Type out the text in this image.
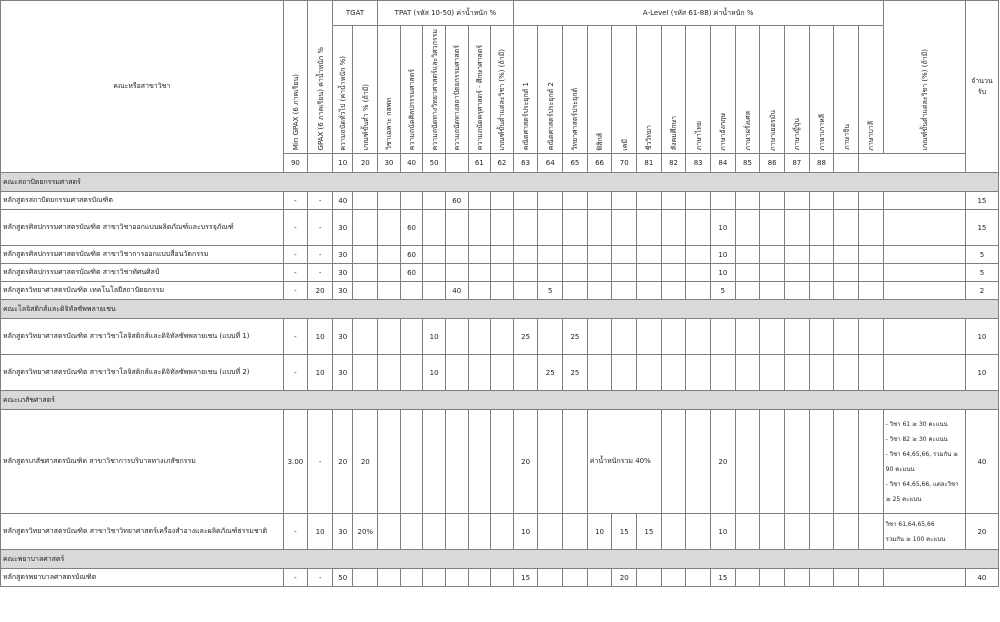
คณะหรือสาขาวิชา	Min GPAX (6 ภาคเรียน)	GPAX (6 ภาคเรียน) ค่าน้ำหนัก %	TGAT		TPAT (รหัส 10-50) ค่าน้ำหนัก %						A-Level (รหัส 61-88) ค่าน้ำหนัก %															เกณฑ์ขั้นต่ำแต่ละวิชา (%) (ถ้ามี)	จำนวนรับ

			ความถนัดทั่วไป (ค่าน้ำหนัก %)	เกณฑ์ขั้นต่ำ % (ถ้ามี)	วิชาเฉพาะ กสพท	ความถนัดศิลปกรรมศาสตร์	ความถนัดทางวิทยาศาสตร์และวิศวกรรม	ความถนัดทางสถาปัตยกรรมศาสตร์	ความถนัดครุศาสตร์ - ศึกษาศาสตร์	เกณฑ์ขั้นต่ำแต่ละวิชา (%) (ถ้ามี)	คณิตศาสตร์ประยุกต์ 1	คณิตศาสตร์ประยุกต์ 2	วิทยาศาสตร์ประยุกต์	ฟิสิกส์	เคมี	ชีววิทยา	สังคมศึกษา	ภาษาไทย	ภาษาอังกฤษ	ภาษาฝรั่งเศส	ภาษาเยอรมัน	ภาษาญี่ปุ่น	ภาษาเกาหลี	ภาษาจีน	ภาษาบาลี		

	90		10	20	30	40	50		61	62	63	64	65	66	70	81	82	83	84	85	86	87	88				
คณะสถาปัตยกรรมศาสตร์																											
หลักสูตรสถาปัตยกรรมศาสตรบัณฑิต	-	-	40					60																			15
หลักสูตรศิลปกรรมศาสตรบัณฑิต สาขาวิชาออกแบบผลิตภัณฑ์และบรรจุภัณฑ์	-	-	30			60													10								15
หลักสูตรศิลปกรรมศาสตรบัณฑิต สาขาวิชาการออกแบบสื่อนวัตกรรม	-	-	30			60													10								5
หลักสูตรศิลปกรรมศาสตรบัณฑิต สาขาวิชาทัศนศิลป์	-	-	30			60													10								5
หลักสูตรวิทยาศาสตรบัณฑิต เทคโนโลยีสถาปัตยกรรม	-	20	30					40				5							5								2
คณะโลจิสติกส์และดิจิทัลซัพพลายเชน																											
หลักสูตรวิทยาศาสตรบัณฑิต สาขาวิชาโลจิสติกส์และดิจิทัลซัพพลายเชน (แบบที่ 1)	-	10	30				10				25		25														10
หลักสูตรวิทยาศาสตรบัณฑิต สาขาวิชาโลจิสติกส์และดิจิทัลซัพพลายเชน (แบบที่ 2)	-	10	30				10					25	25														10
คณะเภสัชศาสตร์																											
หลักสูตรเภสัชศาสตรบัณฑิต สาขาวิชาการบริบาลทางเภสัชกรรม	3.00	-	20	20							20			ค่าน้ำหนักรวม 40%					20							- วิชา 61 ≥ 30 คะแนน
- วิชา 82 ≥ 30 คะแนน
- วิชา 64,65,66, รวมกัน ≥ 90 คะแนน
- วิชา 64,65,66, แต่ละวิชา ≥ 25 คะแนน	40
หลักสูตรวิทยาศาสตรบัณฑิต สาขาวิชาวิทยาศาสตร์เครื่องสำอางและผลิตภัณฑ์ธรรมชาติ	-	10	30	20%							10			10	15	15			10							วิชา 61,64,65,66
รวมกัน ≥ 100 คะแนน	20
คณะพยาบาลศาสตร์																											
หลักสูตรพยาบาลศาสตรบัณฑิต	-	-	50								15				20				15								40
